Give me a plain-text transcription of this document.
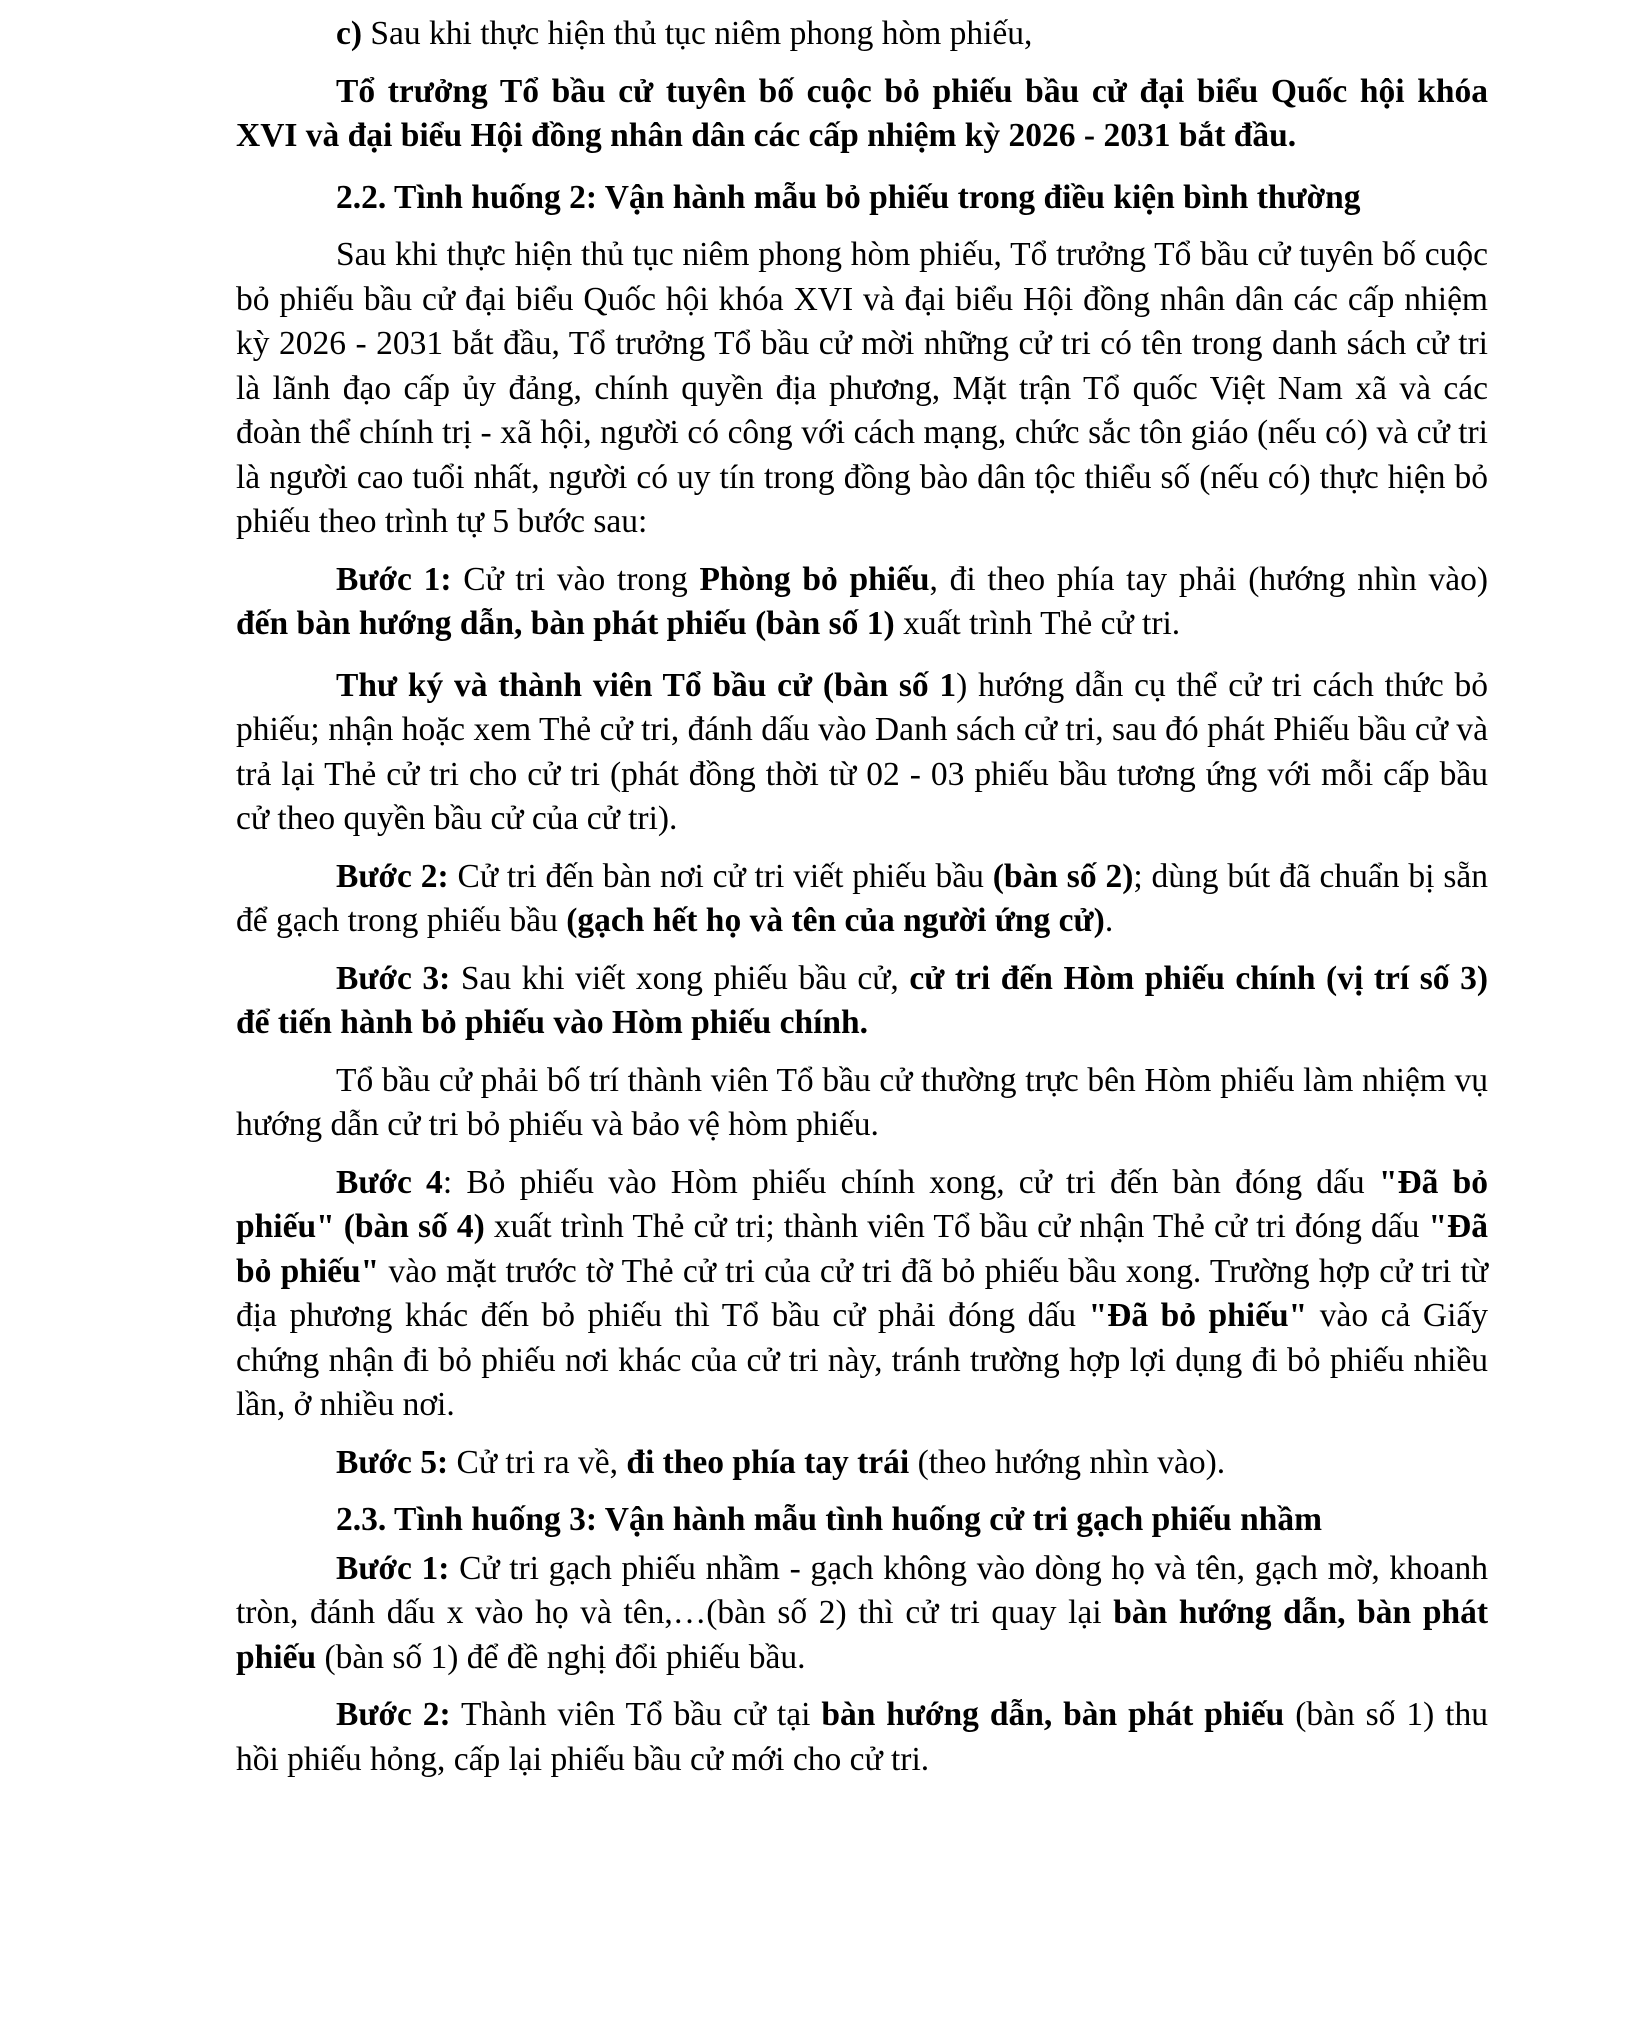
c) Sau khi thực hiện thủ tục niêm phong hòm phiếu,

Tổ trưởng Tổ bầu cử tuyên bố cuộc bỏ phiếu bầu cử đại biểu Quốc hội khóa XVI và đại biểu Hội đồng nhân dân các cấp nhiệm kỳ 2026 - 2031 bắt đầu.

2.2. Tình huống 2: Vận hành mẫu bỏ phiếu trong điều kiện bình thường

Sau khi thực hiện thủ tục niêm phong hòm phiếu, Tổ trưởng Tổ bầu cử tuyên bố cuộc bỏ phiếu bầu cử đại biểu Quốc hội khóa XVI và đại biểu Hội đồng nhân dân các cấp nhiệm kỳ 2026 - 2031 bắt đầu, Tổ trưởng Tổ bầu cử mời những cử tri có tên trong danh sách cử tri là lãnh đạo cấp ủy đảng, chính quyền địa phương, Mặt trận Tổ quốc Việt Nam xã và các đoàn thể chính trị - xã hội, người có công với cách mạng, chức sắc tôn giáo (nếu có) và cử tri là người cao tuổi nhất, người có uy tín trong đồng bào dân tộc thiểu số (nếu có) thực hiện bỏ phiếu theo trình tự 5 bước sau:

Bước 1: Cử tri vào trong Phòng bỏ phiếu, đi theo phía tay phải (hướng nhìn vào) đến bàn hướng dẫn, bàn phát phiếu (bàn số 1) xuất trình Thẻ cử tri.

Thư ký và thành viên Tổ bầu cử (bàn số 1) hướng dẫn cụ thể cử tri cách thức bỏ phiếu; nhận hoặc xem Thẻ cử tri, đánh dấu vào Danh sách cử tri, sau đó phát Phiếu bầu cử và trả lại Thẻ cử tri cho cử tri (phát đồng thời từ 02 - 03 phiếu bầu tương ứng với mỗi cấp bầu cử theo quyền bầu cử của cử tri).

Bước 2: Cử tri đến bàn nơi cử tri viết phiếu bầu (bàn số 2); dùng bút đã chuẩn bị sẵn để gạch trong phiếu bầu (gạch hết họ và tên của người ứng cử).

Bước 3: Sau khi viết xong phiếu bầu cử, cử tri đến Hòm phiếu chính (vị trí số 3) để tiến hành bỏ phiếu vào Hòm phiếu chính.

Tổ bầu cử phải bố trí thành viên Tổ bầu cử thường trực bên Hòm phiếu làm nhiệm vụ hướng dẫn cử tri bỏ phiếu và bảo vệ hòm phiếu.

Bước 4: Bỏ phiếu vào Hòm phiếu chính xong, cử tri đến bàn đóng dấu "Đã bỏ phiếu" (bàn số 4) xuất trình Thẻ cử tri; thành viên Tổ bầu cử nhận Thẻ cử tri đóng dấu "Đã bỏ phiếu" vào mặt trước tờ Thẻ cử tri của cử tri đã bỏ phiếu bầu xong. Trường hợp cử tri từ địa phương khác đến bỏ phiếu thì Tổ bầu cử phải đóng dấu "Đã bỏ phiếu" vào cả Giấy chứng nhận đi bỏ phiếu nơi khác của cử tri này, tránh trường hợp lợi dụng đi bỏ phiếu nhiều lần, ở nhiều nơi.

Bước 5: Cử tri ra về, đi theo phía tay trái (theo hướng nhìn vào).

2.3. Tình huống 3: Vận hành mẫu tình huống cử tri gạch phiếu nhầm

Bước 1: Cử tri gạch phiếu nhầm - gạch không vào dòng họ và tên, gạch mờ, khoanh tròn, đánh dấu x vào họ và tên,…(bàn số 2) thì cử tri quay lại bàn hướng dẫn, bàn phát phiếu (bàn số 1) để đề nghị đổi phiếu bầu.

Bước 2: Thành viên Tổ bầu cử tại bàn hướng dẫn, bàn phát phiếu (bàn số 1) thu hồi phiếu hỏng, cấp lại phiếu bầu cử mới cho cử tri.
